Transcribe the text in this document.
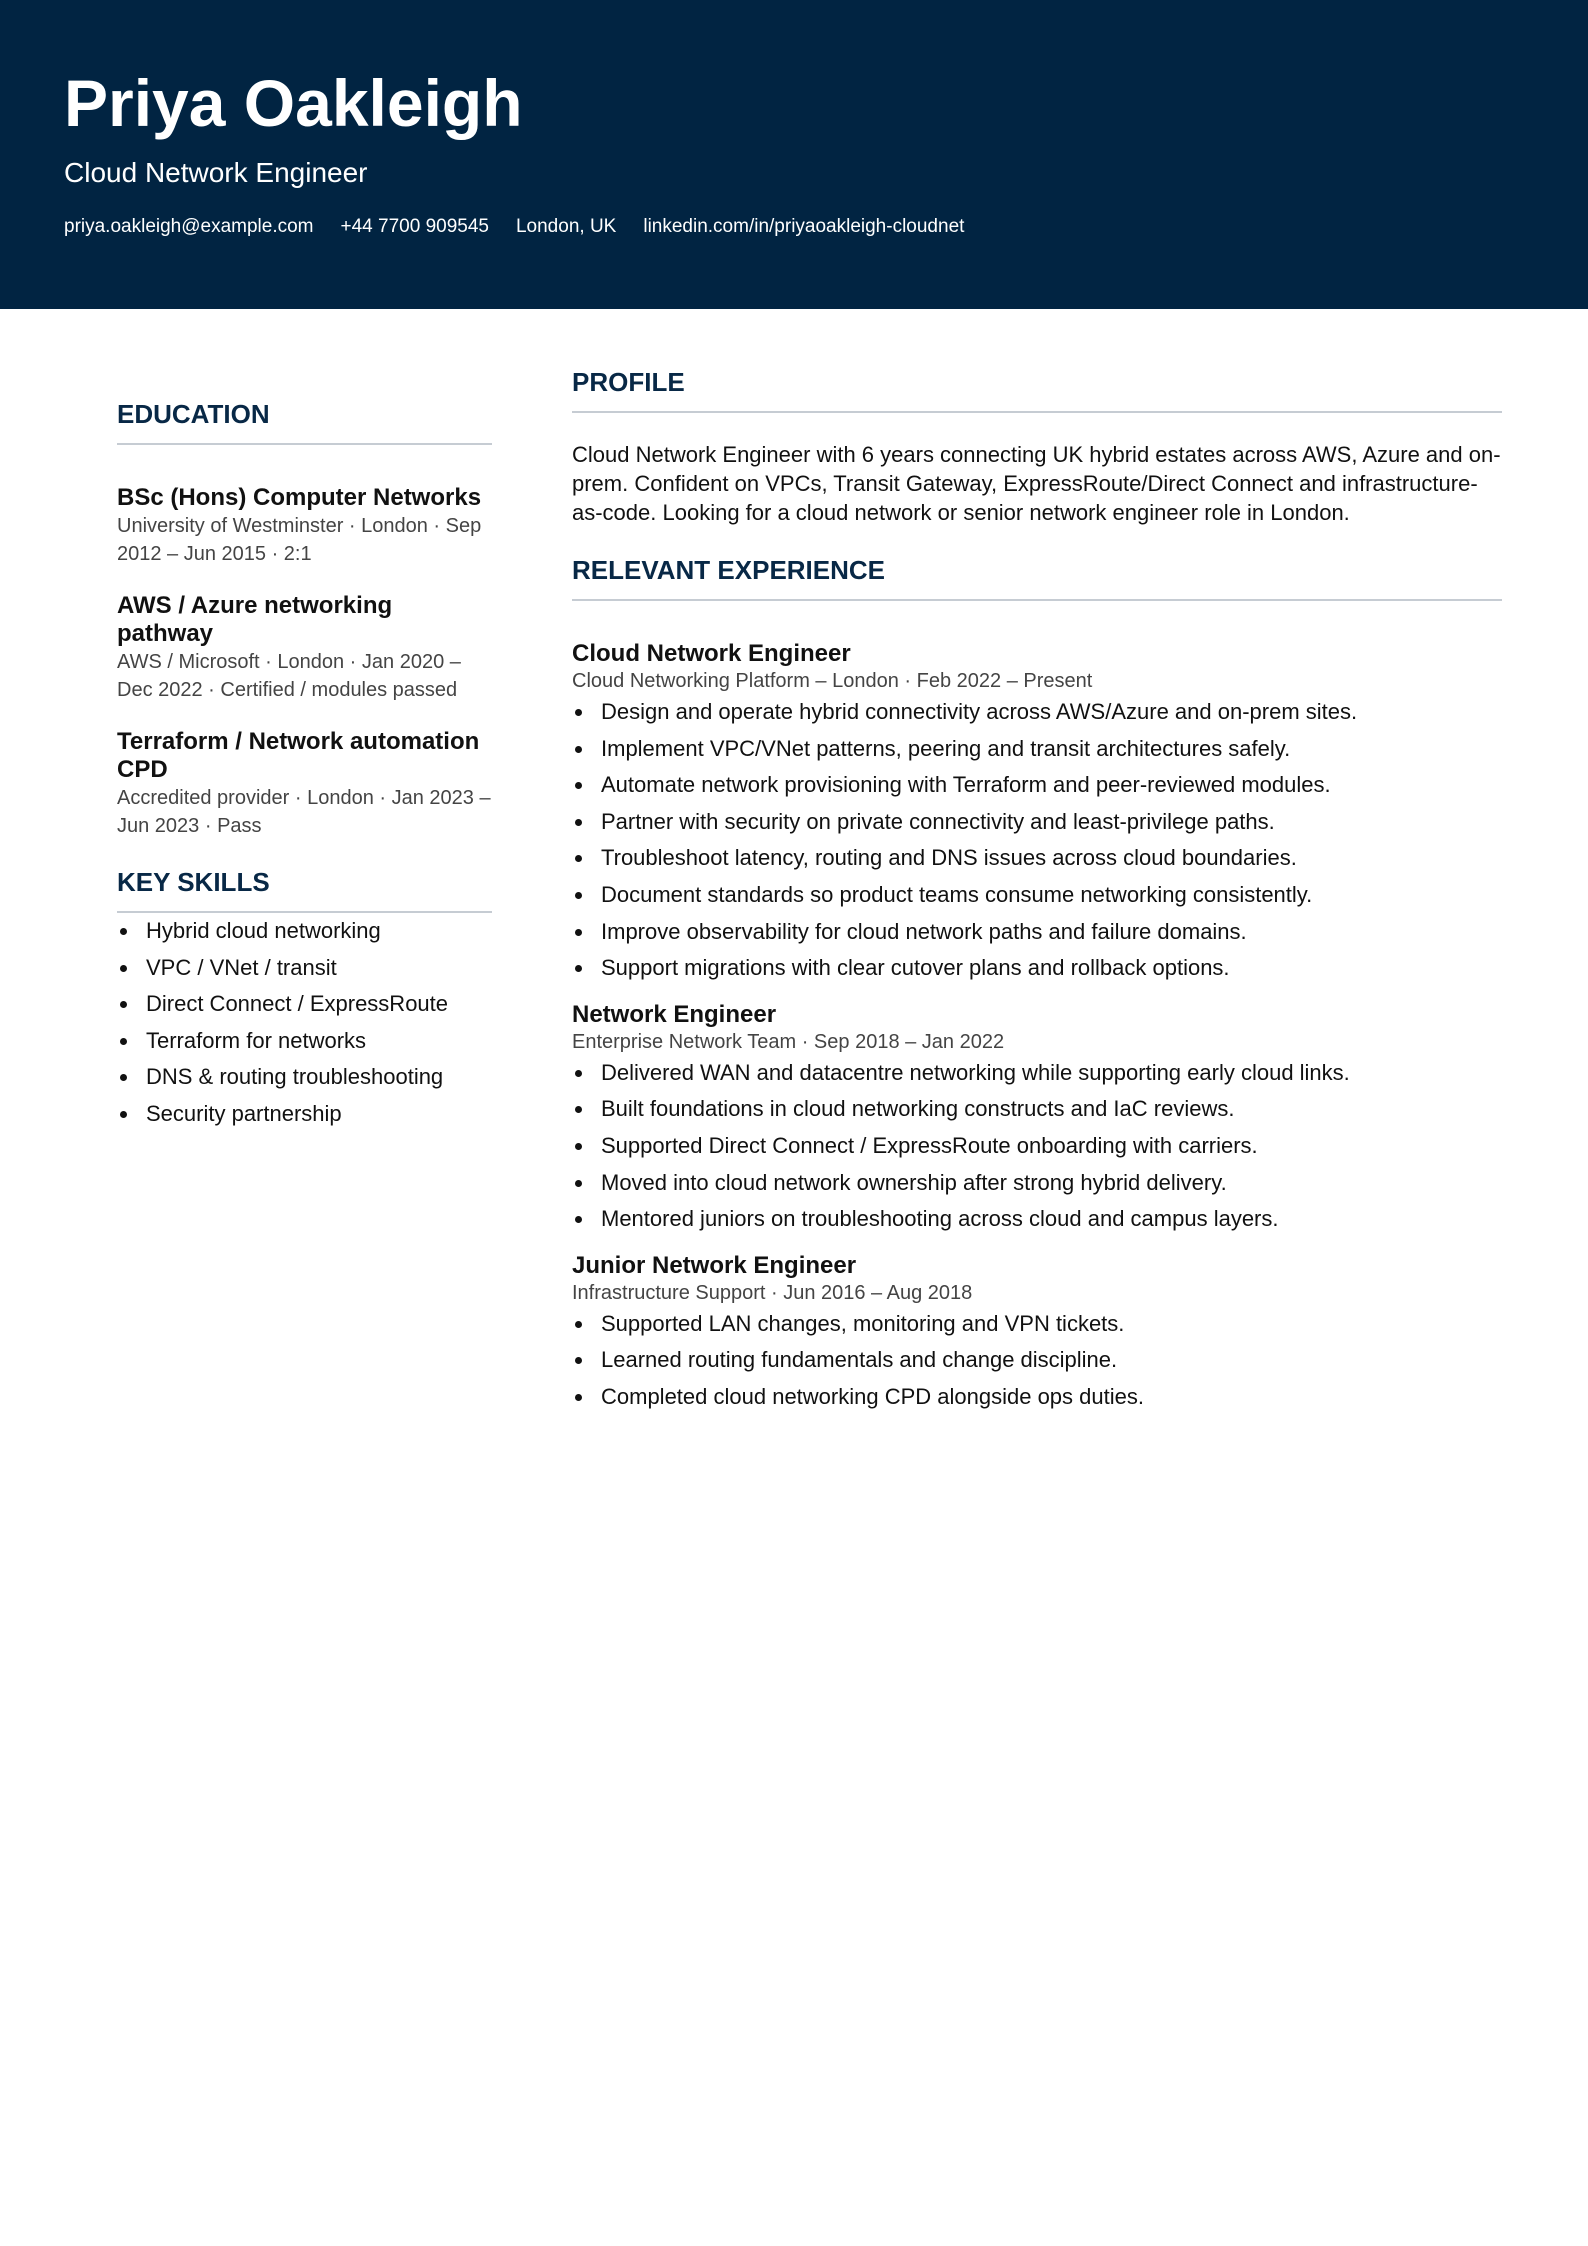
Priya Oakleigh
Cloud Network Engineer
priya.oakleigh@example.com +44 7700 909545 London, UK linkedin.com/in/priyaoakleigh-cloudnet
EDUCATION
BSc (Hons) Computer Networks
University of Westminster · London · Sep 2012 – Jun 2015 · 2:1
AWS / Azure networking pathway
AWS / Microsoft · London · Jan 2020 – Dec 2022 · Certified / modules passed
Terraform / Network automation CPD
Accredited provider · London · Jan 2023 – Jun 2023 · Pass
KEY SKILLS
Hybrid cloud networking
VPC / VNet / transit
Direct Connect / ExpressRoute
Terraform for networks
DNS & routing troubleshooting
Security partnership
PROFILE

Cloud Network Engineer with 6 years connecting UK hybrid estates across AWS, Azure and on-prem. Confident on VPCs, Transit Gateway, ExpressRoute/Direct Connect and infrastructure-as-code. Looking for a cloud network or senior network engineer role in London.

RELEVANT EXPERIENCE
Cloud Network Engineer
Cloud Networking Platform – London · Feb 2022 – Present
Design and operate hybrid connectivity across AWS/Azure and on-prem sites.
Implement VPC/VNet patterns, peering and transit architectures safely.
Automate network provisioning with Terraform and peer-reviewed modules.
Partner with security on private connectivity and least-privilege paths.
Troubleshoot latency, routing and DNS issues across cloud boundaries.
Document standards so product teams consume networking consistently.
Improve observability for cloud network paths and failure domains.
Support migrations with clear cutover plans and rollback options.
Network Engineer
Enterprise Network Team · Sep 2018 – Jan 2022
Delivered WAN and datacentre networking while supporting early cloud links.
Built foundations in cloud networking constructs and IaC reviews.
Supported Direct Connect / ExpressRoute onboarding with carriers.
Moved into cloud network ownership after strong hybrid delivery.
Mentored juniors on troubleshooting across cloud and campus layers.
Junior Network Engineer
Infrastructure Support · Jun 2016 – Aug 2018
Supported LAN changes, monitoring and VPN tickets.
Learned routing fundamentals and change discipline.
Completed cloud networking CPD alongside ops duties.
